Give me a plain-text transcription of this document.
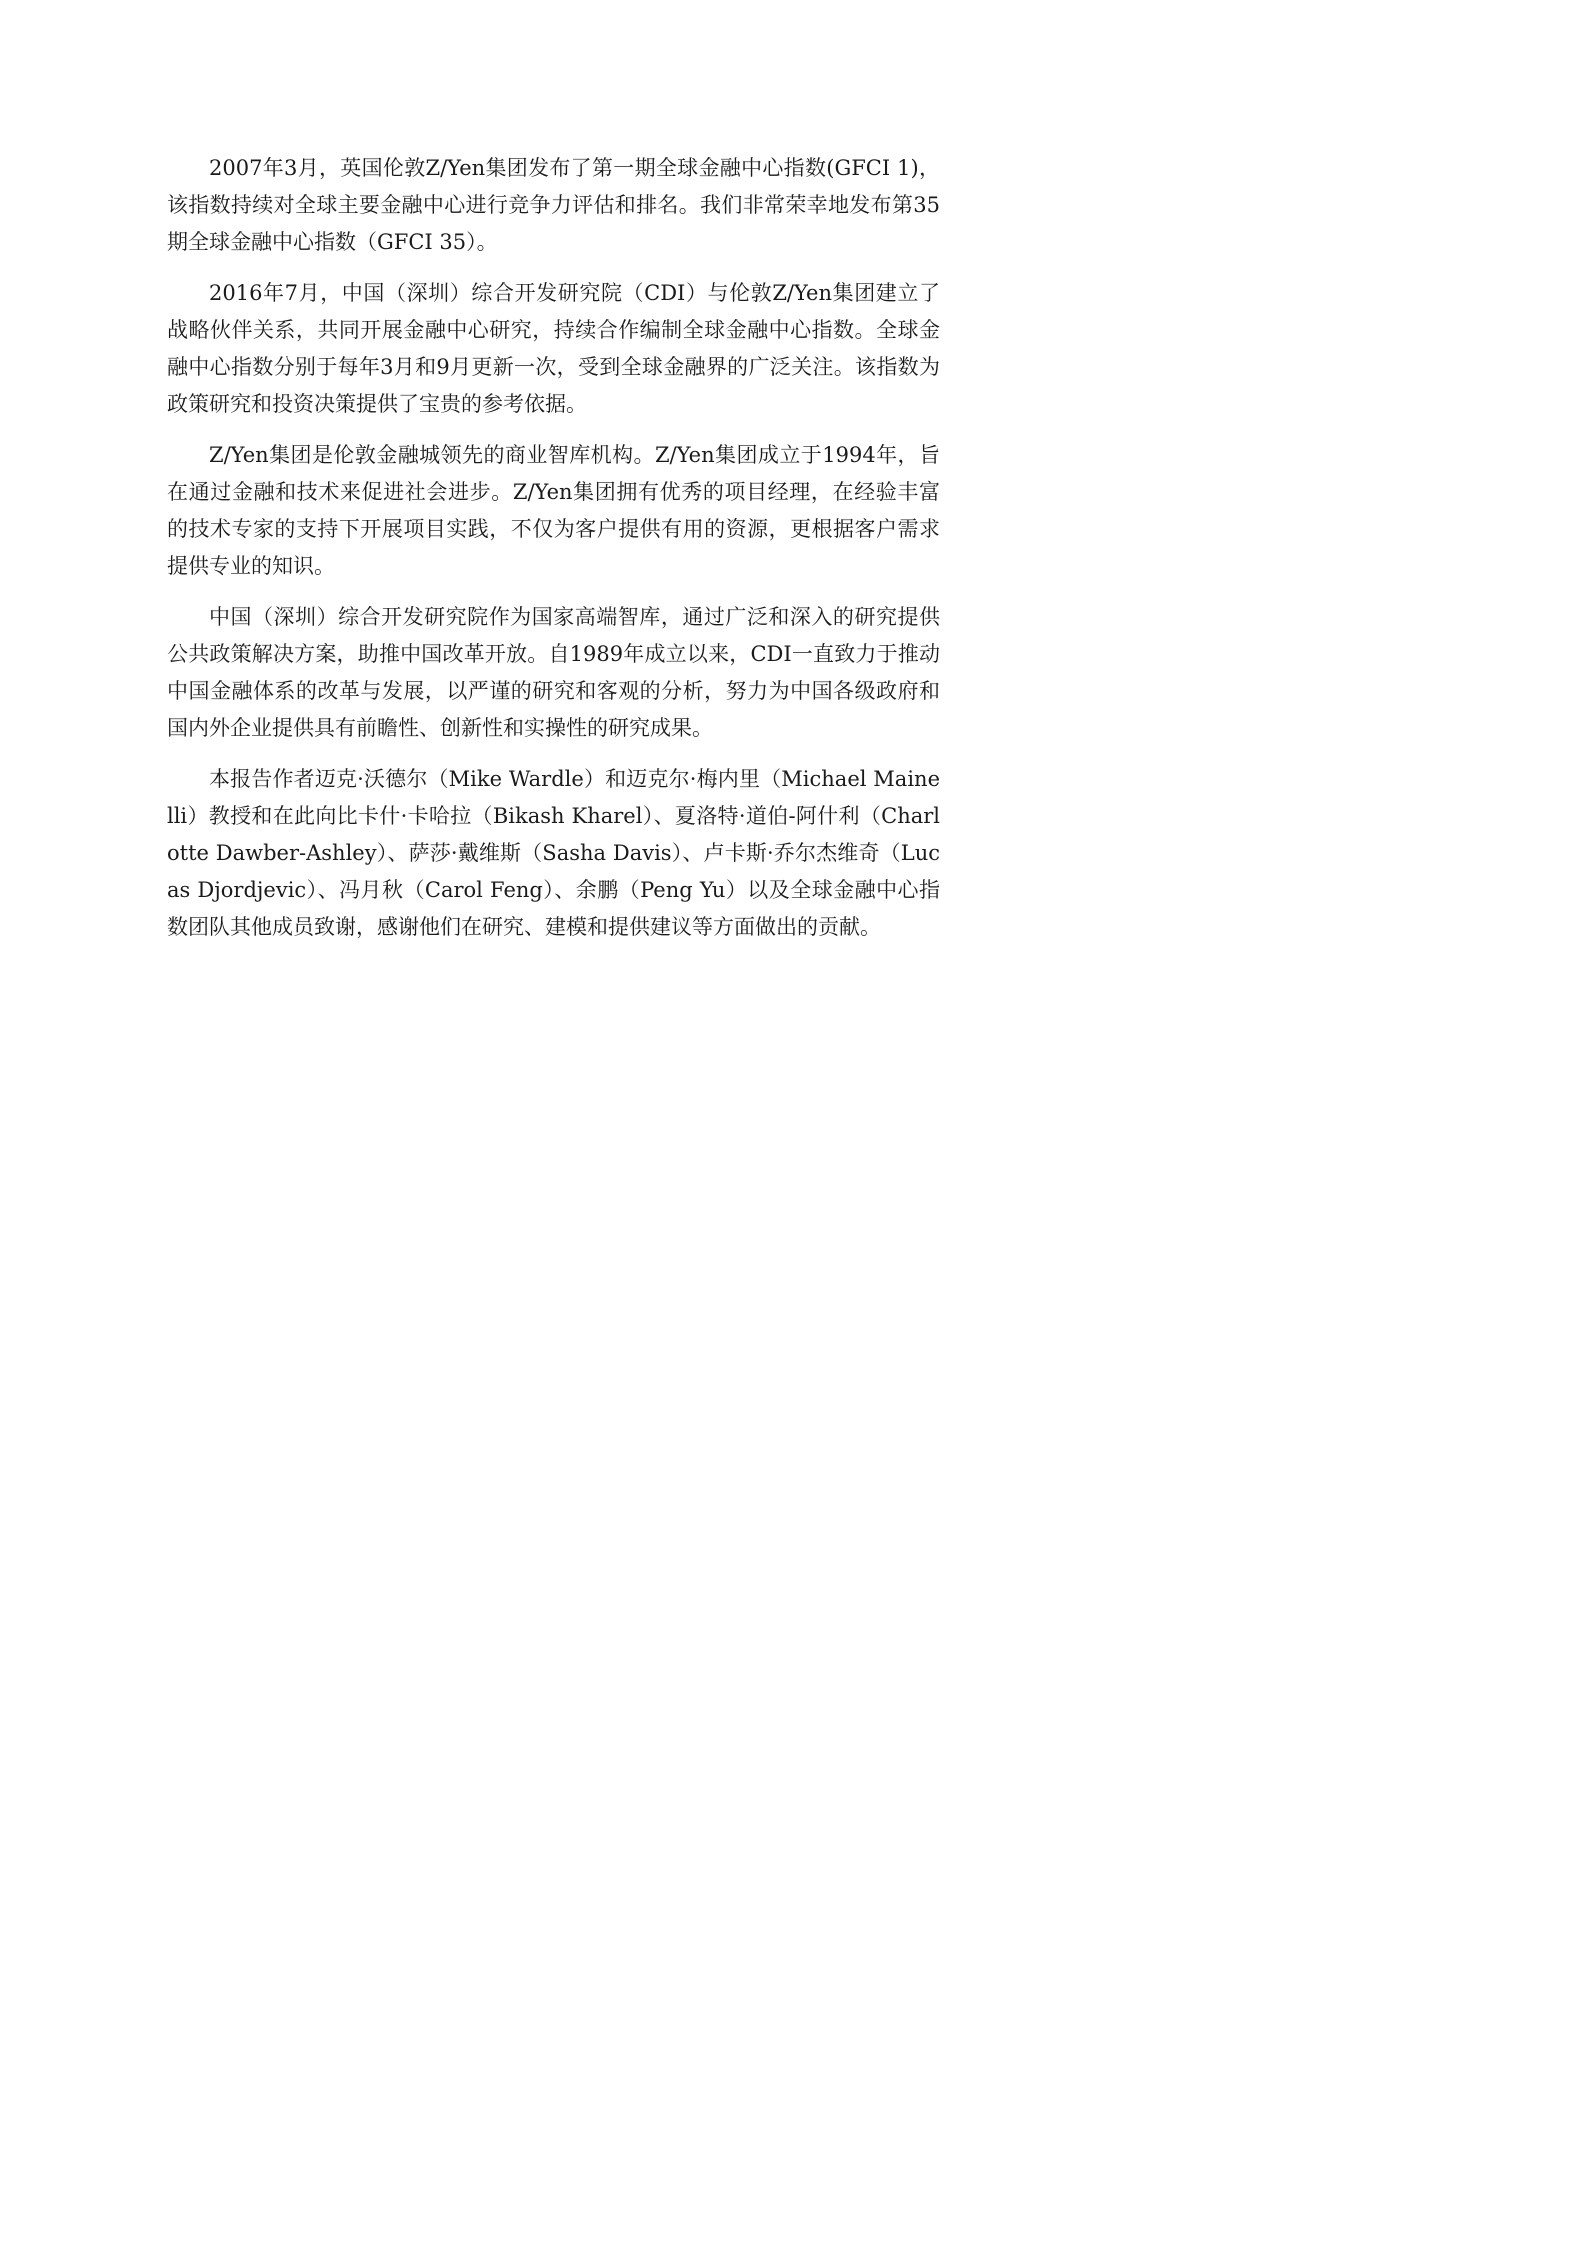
2007年3月，英国伦敦Z/Yen集团发布了第一期全球金融中心指数(GFCI 1)，该指数持续对全球主要金融中心进行竞争力评估和排名。我们非常荣幸地发布第35期全球金融中心指数（GFCI 35）。

2016年7月，中国（深圳）综合开发研究院（CDI）与伦敦Z/Yen集团建立了战略伙伴关系，共同开展金融中心研究，持续合作编制全球金融中心指数。全球金融中心指数分别于每年3月和9月更新一次，受到全球金融界的广泛关注。该指数为政策研究和投资决策提供了宝贵的参考依据。

Z/Yen集团是伦敦金融城领先的商业智库机构。Z/Yen集团成立于1994年，旨在通过金融和技术来促进社会进步。Z/Yen集团拥有优秀的项目经理，在经验丰富的技术专家的支持下开展项目实践，不仅为客户提供有用的资源，更根据客户需求提供专业的知识。

中国（深圳）综合开发研究院作为国家高端智库，通过广泛和深入的研究提供公共政策解决方案，助推中国改革开放。自1989年成立以来，CDI一直致力于推动中国金融体系的改革与发展，以严谨的研究和客观的分析，努力为中国各级政府和国内外企业提供具有前瞻性、创新性和实操性的研究成果。

本报告作者迈克·沃德尔（Mike Wardle）和迈克尔·梅内里（Michael Mainelli）教授和在此向比卡什·卡哈拉（Bikash Kharel）、夏洛特·道伯-阿什利（Charlotte Dawber-Ashley）、萨莎·戴维斯（Sasha Davis）、卢卡斯·乔尔杰维奇（Lucas Djordjevic）、冯月秋（Carol Feng）、余鹏（Peng Yu）以及全球金融中心指数团队其他成员致谢，感谢他们在研究、建模和提供建议等方面做出的贡献。
